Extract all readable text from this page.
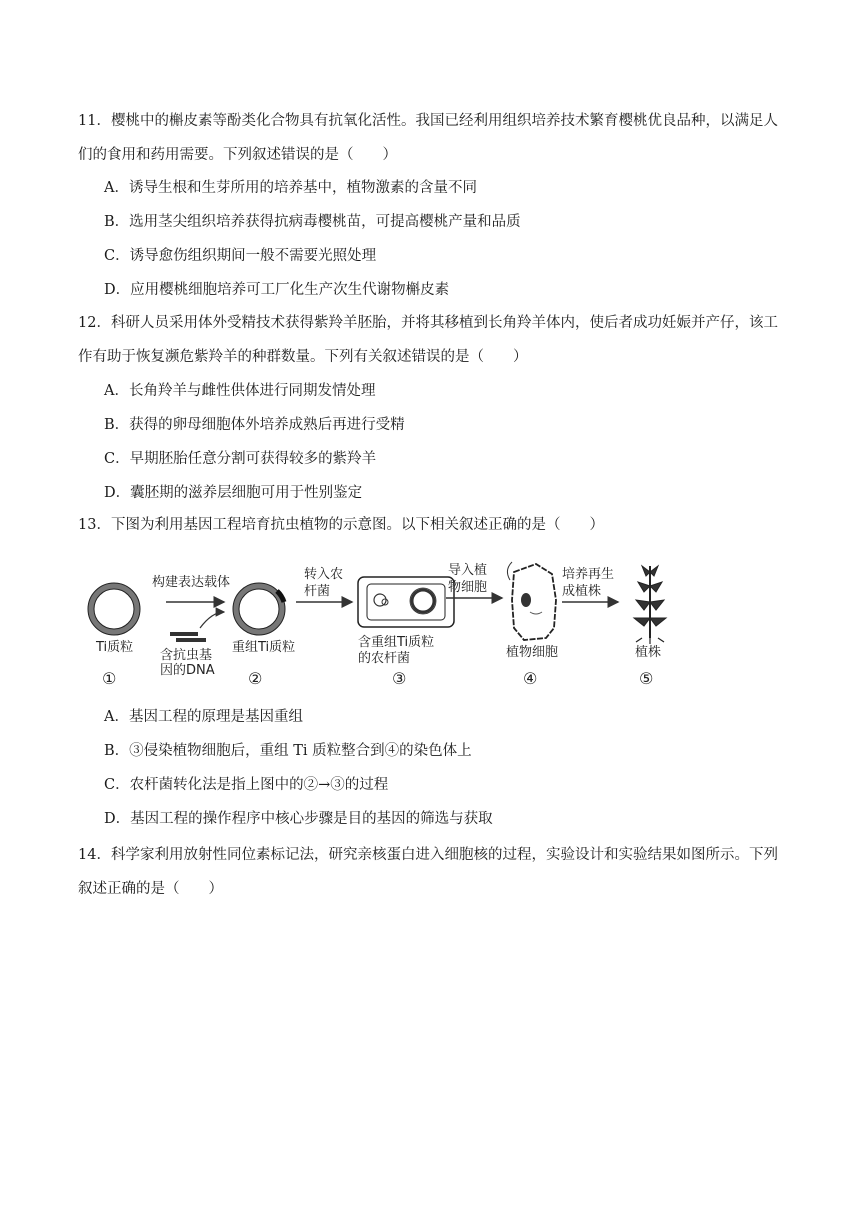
11．樱桃中的槲皮素等酚类化合物具有抗氧化活性。我国已经利用组织培养技术繁育樱桃优良品种，以满足人们的食用和药用需要。下列叙述错误的是（　　）

A．诱导生根和生芽所用的培养基中，植物激素的含量不同

B．选用茎尖组织培养获得抗病毒樱桃苗，可提高樱桃产量和品质

C．诱导愈伤组织期间一般不需要光照处理

D．应用樱桃细胞培养可工厂化生产次生代谢物槲皮素

12．科研人员采用体外受精技术获得紫羚羊胚胎，并将其移植到长角羚羊体内，使后者成功妊娠并产仔，该工作有助于恢复濒危紫羚羊的种群数量。下列有关叙述错误的是（　　）

A．长角羚羊与雌性供体进行同期发情处理

B．获得的卵母细胞体外培养成熟后再进行受精

C．早期胚胎任意分割可获得较多的紫羚羊

D．囊胚期的滋养层细胞可用于性别鉴定

13．下图为利用基因工程培育抗虫植物的示意图。以下相关叙述正确的是（　　）

Ti质粒
①
构建表达载体
含抗虫基
因的DNA
重组Ti质粒
②
转入农
杆菌
含重组Ti质粒
的农杆菌
③
导入植
物细胞
植物细胞
④
培养再生
成植株
植株
⑤

A．基因工程的原理是基因重组

B．③侵染植物细胞后，重组 Ti 质粒整合到④的染色体上

C．农杆菌转化法是指上图中的②→③的过程

D．基因工程的操作程序中核心步骤是目的基因的筛选与获取

14．科学家利用放射性同位素标记法，研究亲核蛋白进入细胞核的过程，实验设计和实验结果如图所示。下列叙述正确的是（　　）
